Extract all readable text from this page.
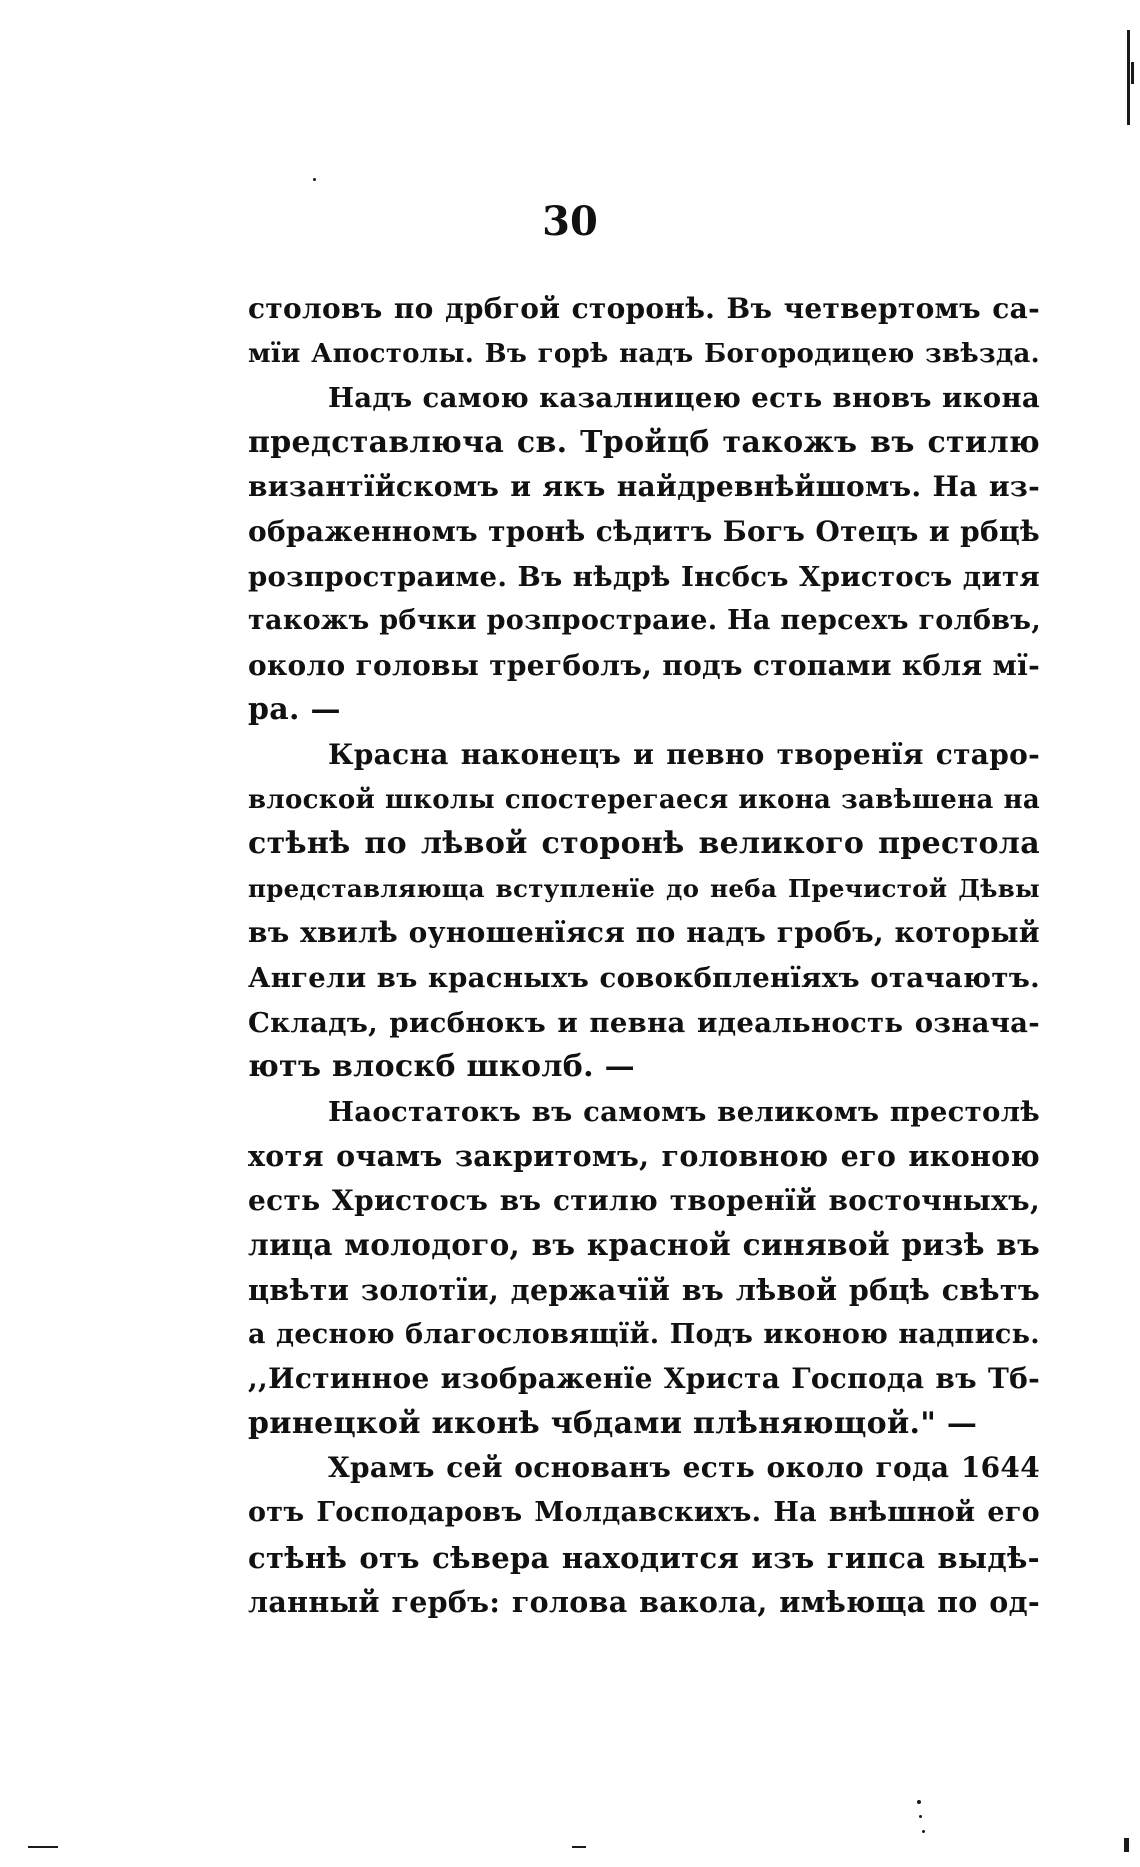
30
столовъ по дрбгой сторонѣ. Въ четвертомъ са-
мїи Апостолы. Въ горѣ надъ Богородицею звѣзда.
Надъ самою казалницею есть вновъ икона
представлюча св. Тройцб такожъ въ стилю
византїйскомъ и якъ найдревнѣйшомъ. На из-
ображенномъ тронѣ сѣдитъ Богъ Отецъ и рбцѣ
розпростраиме. Въ нѣдрѣ Інсбсъ Христосъ дитя
такожъ рбчки розпростраие. На персехъ голбвъ,
около головы трегболъ, подъ стопами кбля мї-
ра. —
Красна наконецъ и певно творенїя старо-
влоской школы спостерегаеся икона завѣшена на
стѣнѣ по лѣвой сторонѣ великого престола
представляюща вступленїе до неба Пречистой Дѣвы
въ хвилѣ оуношенїяся по надъ гробъ, который
Ангели въ красныхъ совокбпленїяхъ отачаютъ.
Складъ, рисбнокъ и певна идеальность означа-
ютъ влоскб школб. —
Наостатокъ въ самомъ великомъ престолѣ
хотя очамъ закритомъ, головною его иконою
есть Христосъ въ стилю творенїй восточныхъ,
лица молодого, въ красной синявой ризѣ въ
цвѣти золотїи, держачїй въ лѣвой рбцѣ свѣтъ
а десною благословящїй. Подъ иконою надпись.
,,Истинное изображенїе Христа Господа въ Тб-
ринецкой иконѣ чбдами плѣняющой." —
Храмъ сей основанъ есть около года 1644
отъ Господаровъ Молдавскихъ. На внѣшной его
стѣнѣ отъ сѣвера находится изъ гипса выдѣ-
ланный гербъ: голова вакола, имѣюща по од-
